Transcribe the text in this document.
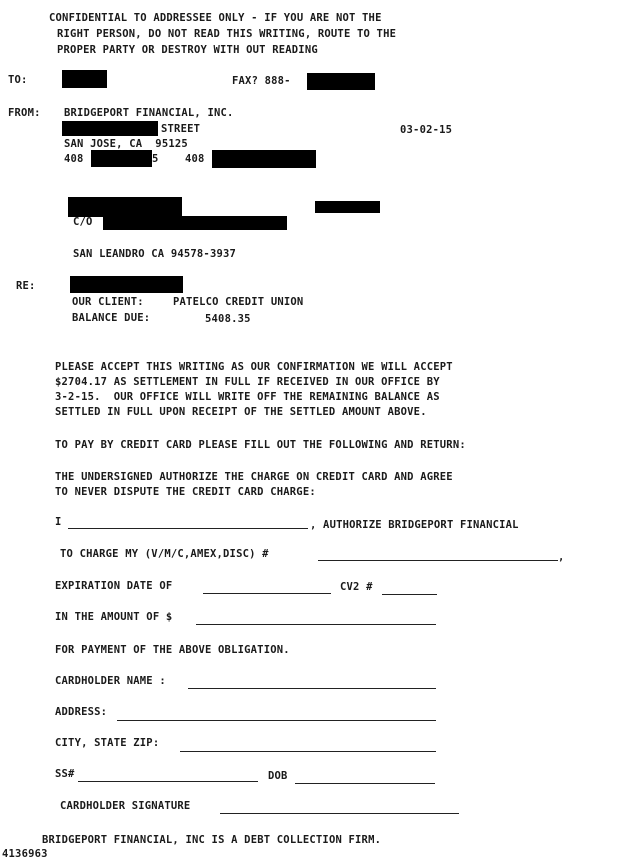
CONFIDENTIAL TO ADDRESSEE ONLY - IF YOU ARE NOT THE
RIGHT PERSON, DO NOT READ THIS WRITING, ROUTE TO THE
PROPER PARTY OR DESTROY WITH OUT READING
TO:	FAX? 888-
FROM: BRIDGEPORT FINANCIAL, INC.
STREET	03-02-15
SAN JOSE, CA  95125
408	5	408
C/O
SAN LEANDRO CA 94578-3937
RE:
OUR CLIENT:	PATELCO CREDIT UNION
BALANCE DUE:	5408.35
PLEASE ACCEPT THIS WRITING AS OUR CONFIRMATION WE WILL ACCEPT
$2704.17 AS SETTLEMENT IN FULL IF RECEIVED IN OUR OFFICE BY
3-2-15.  OUR OFFICE WILL WRITE OFF THE REMAINING BALANCE AS
SETTLED IN FULL UPON RECEIPT OF THE SETTLED AMOUNT ABOVE.
TO PAY BY CREDIT CARD PLEASE FILL OUT THE FOLLOWING AND RETURN:
THE UNDERSIGNED AUTHORIZE THE CHARGE ON CREDIT CARD AND AGREE
TO NEVER DISPUTE THE CREDIT CARD CHARGE:
I	, AUTHORIZE BRIDGEPORT FINANCIAL
TO CHARGE MY (V/M/C,AMEX,DISC) #	,
EXPIRATION DATE OF	CV2 #
IN THE AMOUNT OF $
FOR PAYMENT OF THE ABOVE OBLIGATION.
CARDHOLDER NAME :
ADDRESS:
CITY, STATE ZIP:
SS#	DOB
CARDHOLDER SIGNATURE
BRIDGEPORT FINANCIAL, INC IS A DEBT COLLECTION FIRM.
4136963
